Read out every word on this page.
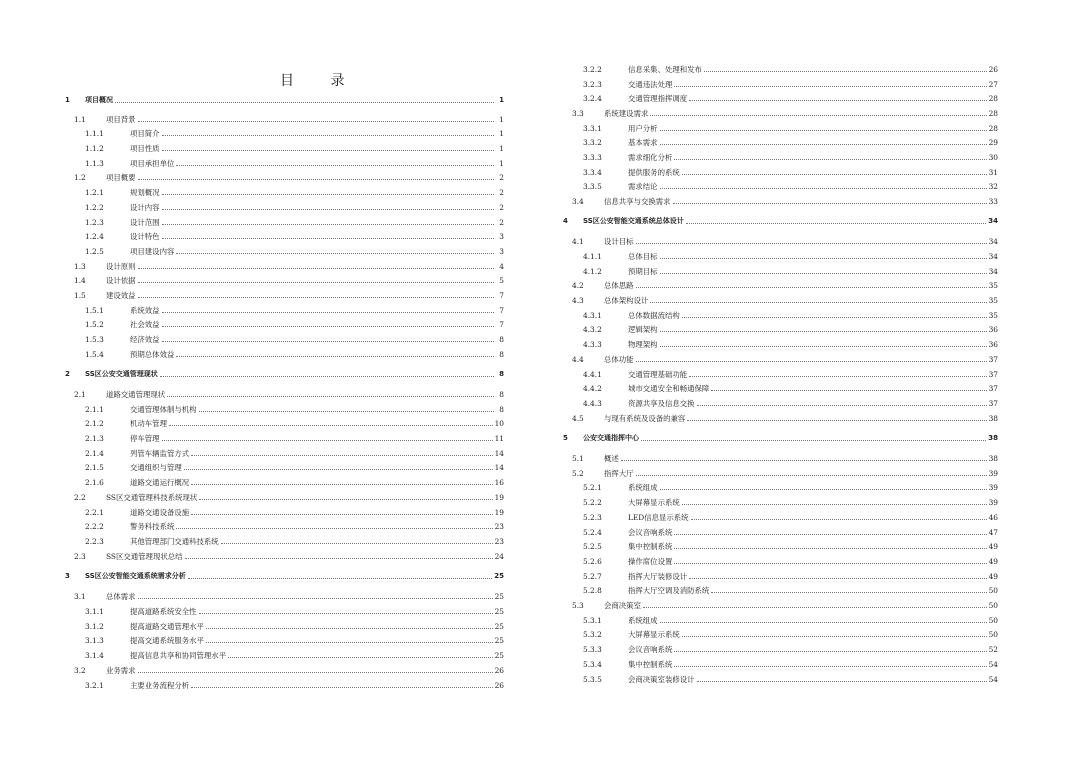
目 录
1	项目概况	1
1.1	项目背景	1
1.1.1	项目简介	1
1.1.2	项目性质	1
1.1.3	项目承担单位	1
1.2	项目概要	2
1.2.1	规划概况	2
1.2.2	设计内容	2
1.2.3	设计范围	2
1.2.4	设计特色	3
1.2.5	项目建设内容	3
1.3	设计原则	4
1.4	设计依据	5
1.5	建设效益	7
1.5.1	系统效益	7
1.5.2	社会效益	7
1.5.3	经济效益	8
1.5.4	预期总体效益	8
2	SS区公安交通管理现状	8
2.1	道路交通管理现状	8
2.1.1	交通管理体制与机构	8
2.1.2	机动车管理	10
2.1.3	停车管理	11
2.1.4	列管车辆监管方式	14
2.1.5	交通组织与管理	14
2.1.6	道路交通运行概况	16
2.2	SS区交通管理科技系统现状	19
2.2.1	道路交通设备设施	19
2.2.2	警务科技系统	23
2.2.3	其他管理部门交通科技系统	23
2.3	SS区交通管理现状总结	24
3	SS区公安智能交通系统需求分析	25
3.1	总体需求	25
3.1.1	提高道路系统安全性	25
3.1.2	提高道路交通管理水平	25
3.1.3	提高交通系统服务水平	25
3.1.4	提高信息共享和协同管理水平	25
3.2	业务需求	26
3.2.1	主要业务流程分析	26
3.2.2	信息采集、处理和发布	26
3.2.3	交通违法处理	27
3.2.4	交通管理指挥调度	28
3.3	系统建设需求	28
3.3.1	用户分析	28
3.3.2	基本需求	29
3.3.3	需求细化分析	30
3.3.4	提供服务的系统	31
3.3.5	需求结论	32
3.4	信息共享与交换需求	33
4	SS区公安智能交通系统总体设计	34
4.1	设计目标	34
4.1.1	总体目标	34
4.1.2	预期目标	34
4.2	总体思路	35
4.3	总体架构设计	35
4.3.1	总体数据流结构	35
4.3.2	逻辑架构	36
4.3.3	物理架构	36
4.4	总体功能	37
4.4.1	交通管理基础功能	37
4.4.2	城市交通安全和畅通保障	37
4.4.3	资源共享及信息交换	37
4.5	与现有系统及设备的兼容	38
5	公安交通指挥中心	38
5.1	概述	38
5.2	指挥大厅	39
5.2.1	系统组成	39
5.2.2	大屏幕显示系统	39
5.2.3	LED信息显示系统	46
5.2.4	会议音响系统	47
5.2.5	集中控制系统	49
5.2.6	操作席位设置	49
5.2.7	指挥大厅装修设计	49
5.2.8	指挥大厅空调及消防系统	50
5.3	会商决策室	50
5.3.1	系统组成	50
5.3.2	大屏幕显示系统	50
5.3.3	会议音响系统	52
5.3.4	集中控制系统	54
5.3.5	会商决策室装修设计	54
